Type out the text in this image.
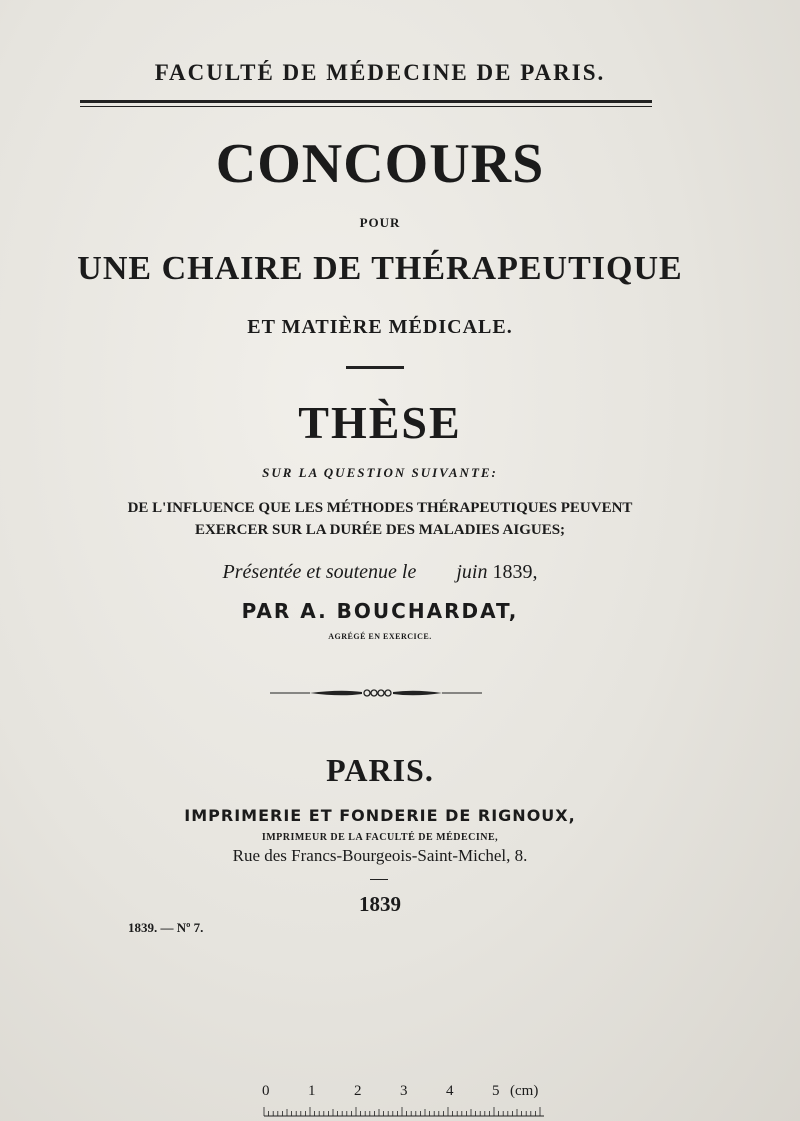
FACULTÉ DE MÉDECINE DE PARIS.
CONCOURS
POUR
UNE CHAIRE DE THÉRAPEUTIQUE
ET MATIÈRE MÉDICALE.
THÈSE
SUR LA QUESTION SUIVANTE:
DE L'INFLUENCE QUE LES MÉTHODES THÉRAPEUTIQUES PEUVENT
EXERCER SUR LA DURÉE DES MALADIES AIGUES;
Présentée et soutenue le        juin 1839,
PAR A. BOUCHARDAT,
AGRÉGÉ EN EXERCICE.
PARIS.
IMPRIMERIE ET FONDERIE DE RIGNOUX,
IMPRIMEUR DE LA FACULTÉ DE MÉDECINE,
Rue des Francs-Bourgeois-Saint-Michel, 8.
1839
1839. — Nº 7.
0	1	2	3	4	5 (cm)
